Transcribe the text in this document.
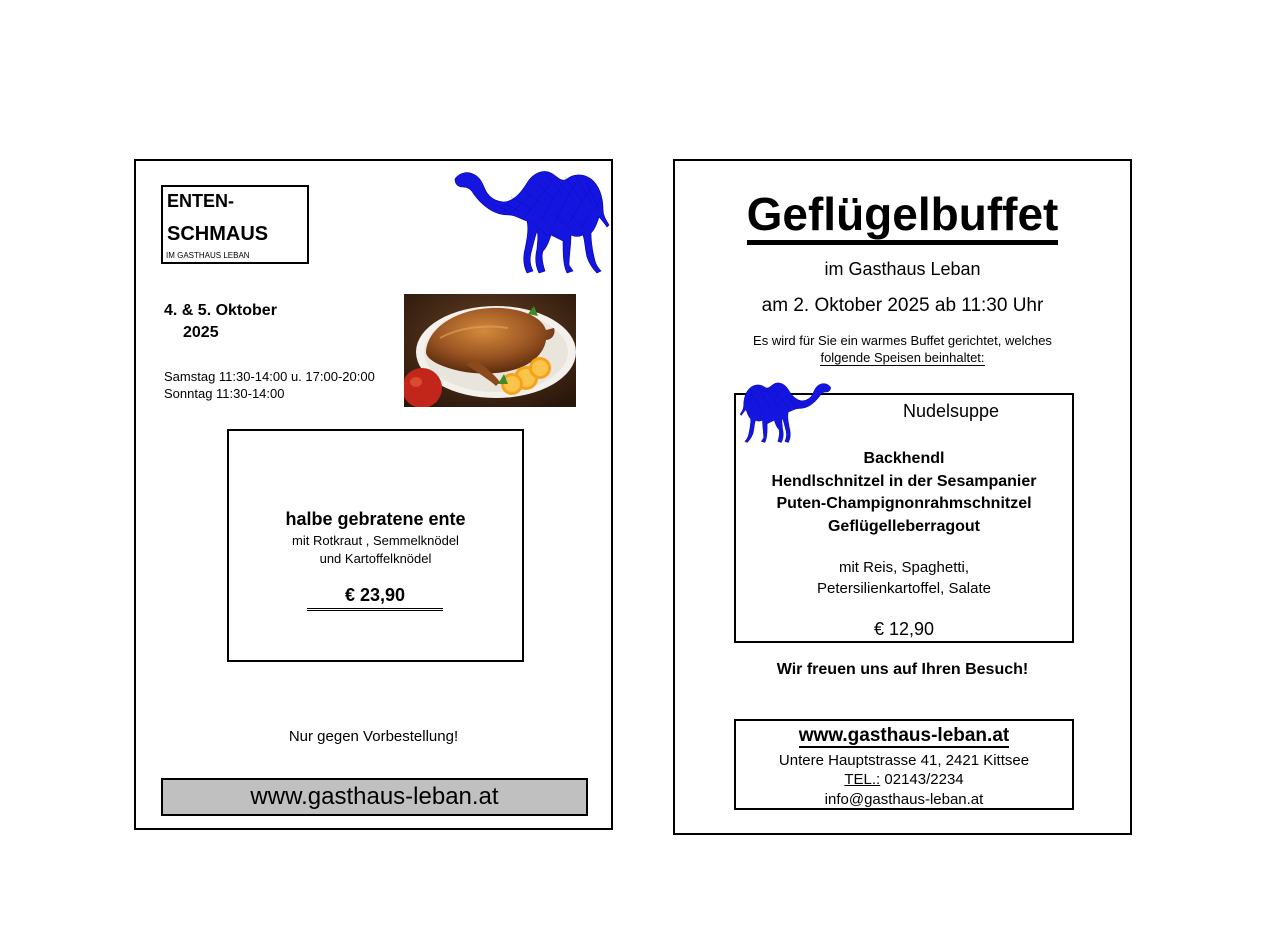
ENTEN-
SCHMAUS
IM GASTHAUS LEBAN
4. & 5. Oktober
2025
Samstag 11:30-14:00 u. 17:00-20:00
Sonntag 11:30-14:00
halbe gebratene ente
mit Rotkraut , Semmelknödel
und Kartoffelknödel
€ 23,90
Nur gegen Vorbestellung!
www.gasthaus-leban.at
Geflügelbuffet
im Gasthaus Leban
am 2. Oktober 2025 ab 11:30 Uhr
Es wird für Sie ein warmes Buffet gerichtet, welches
folgende Speisen beinhaltet:
Nudelsuppe
Backhendl
Hendlschnitzel in der Sesampanier
Puten-Champignonrahmschnitzel
Geflügelleberragout
mit Reis, Spaghetti,
Petersilienkartoffel, Salate
€ 12,90
Wir freuen uns auf Ihren Besuch!
www.gasthaus-leban.at
Untere Hauptstrasse 41, 2421 Kittsee
TEL.: 02143/2234
info@gasthaus-leban.at
